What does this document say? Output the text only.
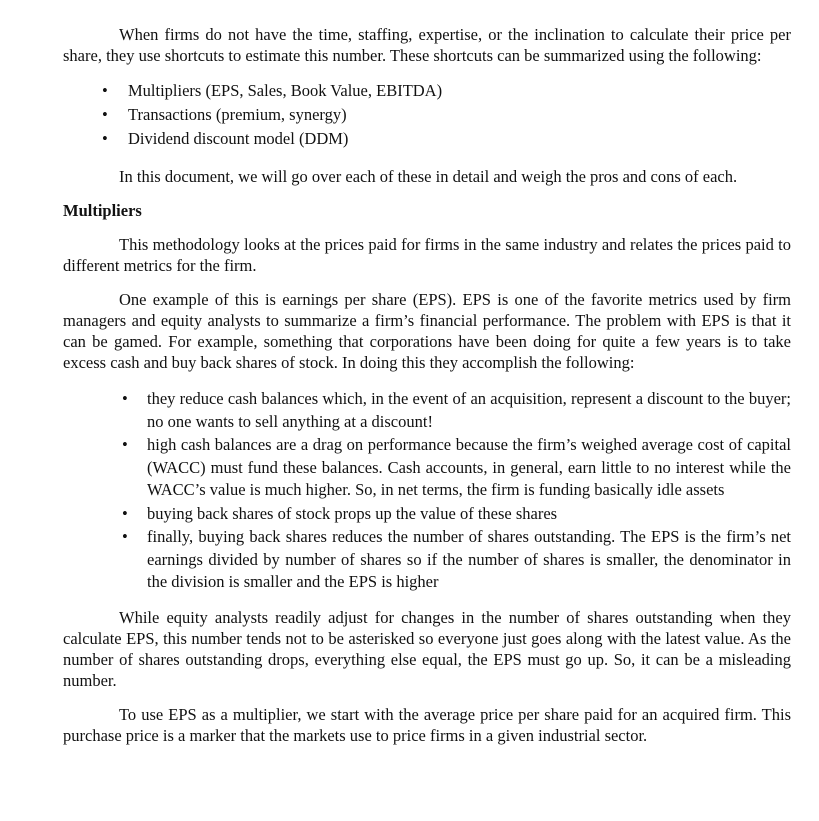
When firms do not have the time, staffing, expertise, or the inclination to calculate their price per share, they use shortcuts to estimate this number. These shortcuts can be summarized using the following:

• Multipliers (EPS, Sales, Book Value, EBITDA)
• Transactions (premium, synergy)
• Dividend discount model (DDM)

In this document, we will go over each of these in detail and weigh the pros and cons of each.

Multipliers

This methodology looks at the prices paid for firms in the same industry and relates the prices paid to different metrics for the firm.

One example of this is earnings per share (EPS). EPS is one of the favorite metrics used by firm managers and equity analysts to summarize a firm’s financial performance. The problem with EPS is that it can be gamed. For example, something that corporations have been doing for quite a few years is to take excess cash and buy back shares of stock. In doing this they accomplish the following:

• they reduce cash balances which, in the event of an acquisition, represent a discount to the buyer; no one wants to sell anything at a discount!
• high cash balances are a drag on performance because the firm’s weighed average cost of capital (WACC) must fund these balances. Cash accounts, in general, earn little to no interest while the WACC’s value is much higher. So, in net terms, the firm is funding basically idle assets
• buying back shares of stock props up the value of these shares
• finally, buying back shares reduces the number of shares outstanding. The EPS is the firm’s net earnings divided by number of shares so if the number of shares is smaller, the denominator in the division is smaller and the EPS is higher

While equity analysts readily adjust for changes in the number of shares outstanding when they calculate EPS, this number tends not to be asterisked so everyone just goes along with the latest value. As the number of shares outstanding drops, everything else equal, the EPS must go up. So, it can be a misleading number.

To use EPS as a multiplier, we start with the average price per share paid for an acquired firm. This purchase price is a marker that the markets use to price firms in a given industrial sector.
